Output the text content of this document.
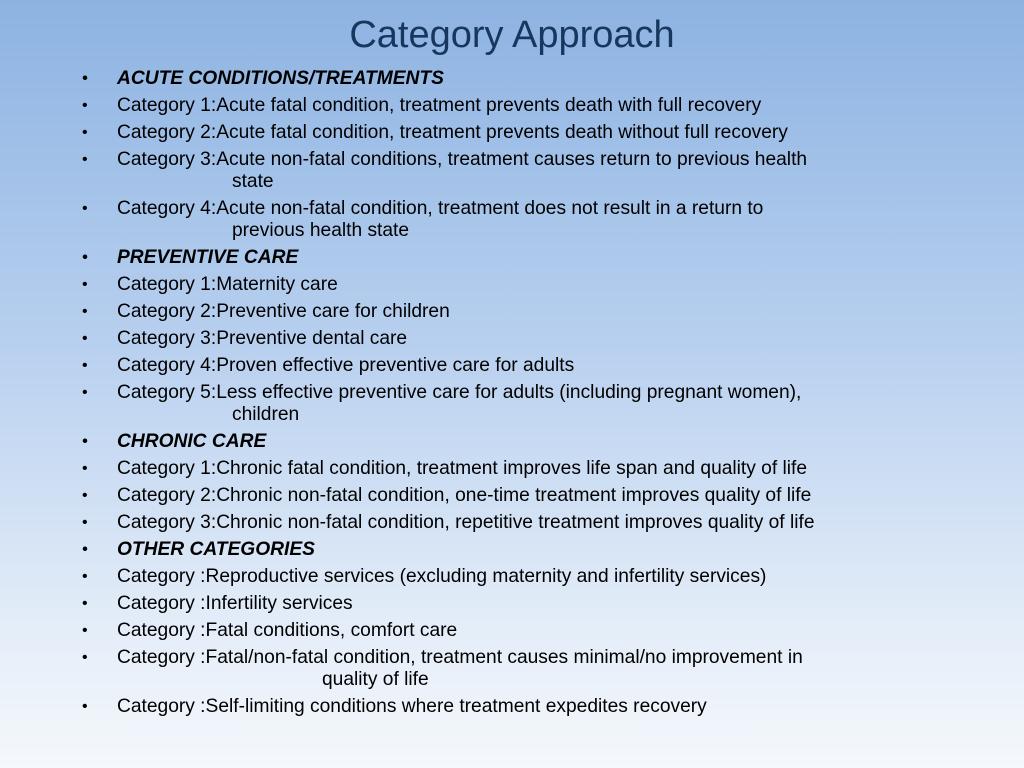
Category Approach
• ACUTE CONDITIONS/TREATMENTS
• Category 1:Acute fatal condition, treatment prevents death with full recovery
• Category 2:Acute fatal condition, treatment prevents death without full recovery
• Category 3:Acute non-fatal conditions, treatment causes return to previous health
state
• Category 4:Acute non-fatal condition, treatment does not result in a return to
previous health state
• PREVENTIVE CARE
• Category 1:Maternity care
• Category 2:Preventive care for children
• Category 3:Preventive dental care
• Category 4:Proven effective preventive care for adults
• Category 5:Less effective preventive care for adults (including pregnant women),
children
• CHRONIC CARE
• Category 1:Chronic fatal condition, treatment improves life span and quality of life
• Category 2:Chronic non-fatal condition, one-time treatment improves quality of life
• Category 3:Chronic non-fatal condition, repetitive treatment improves quality of life
• OTHER CATEGORIES
• Category :Reproductive services (excluding maternity and infertility services)
• Category :Infertility services
• Category :Fatal conditions, comfort care
• Category :Fatal/non-fatal condition, treatment causes minimal/no improvement in
quality of life
• Category :Self-limiting conditions where treatment expedites recovery
